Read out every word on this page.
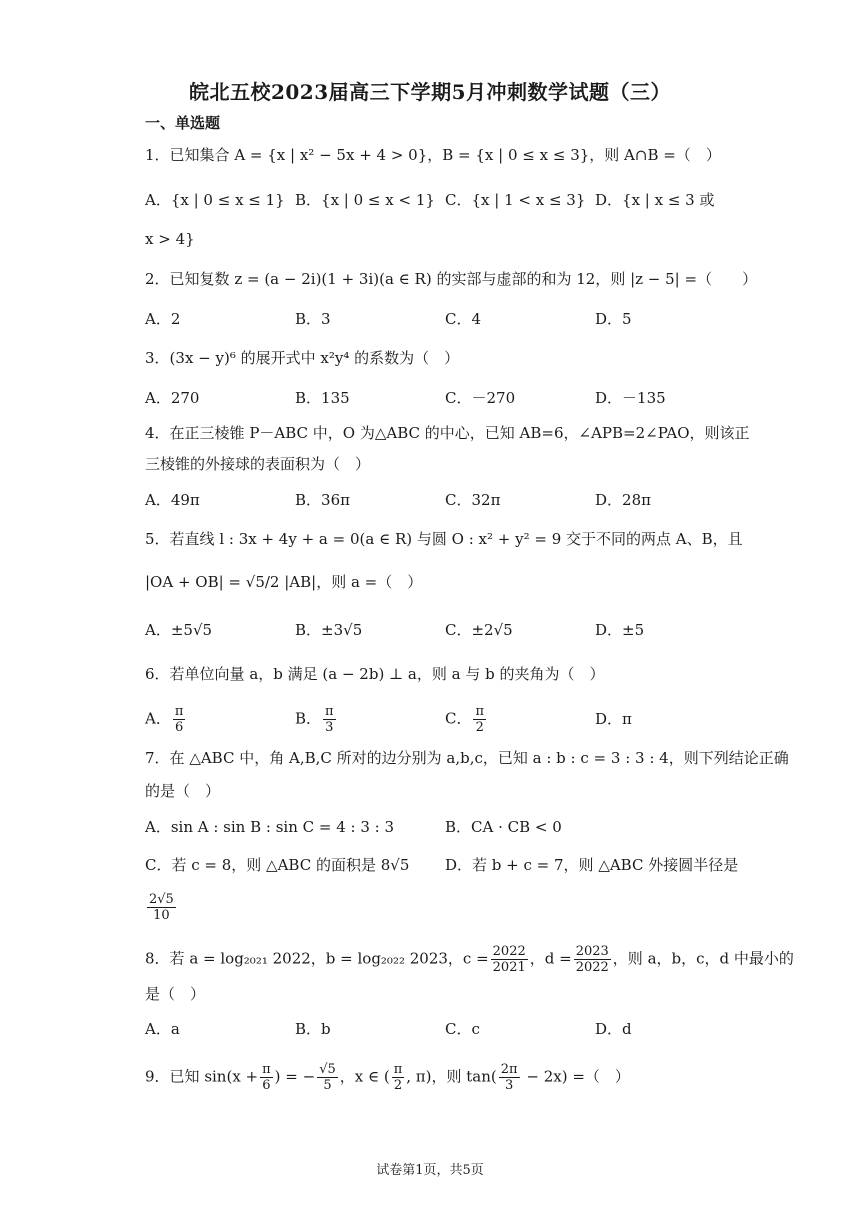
皖北五校2023届高三下学期5月冲刺数学试题（三）
一、单选题
1．已知集合 A = {x | x² − 5x + 4 > 0}，B = {x | 0 ≤ x ≤ 3}，则 A∩B =（　）
A．{x | 0 ≤ x ≤ 1} B．{x | 0 ≤ x < 1} C．{x | 1 < x ≤ 3} D．{x | x ≤ 3 或
x > 4}
2．已知复数 z = (a − 2i)(1 + 3i)(a ∈ R) 的实部与虚部的和为 12，则 |z − 5| =（　　）
A．2	B．3	C．4	D．5
3．(3x − y)⁶ 的展开式中 x²y⁴ 的系数为（　）
A．270	B．135	C．－270	D．－135
4．在正三棱锥 P－ABC 中，O 为△ABC 的中心，已知 AB=6，∠APB=2∠PAO，则该正
三棱锥的外接球的表面积为（　）
A．49π	B．36π	C．32π	D．28π
5．若直线 l : 3x + 4y + a = 0(a ∈ R) 与圆 O : x² + y² = 9 交于不同的两点 A、B，且
|OA + OB| = √5/2 |AB|，则 a =（　）
A．±5√5	B．±3√5	C．±2√5	D．±5
6．若单位向量 a，b 满足 (a − 2b) ⊥ a，则 a 与 b 的夹角为（　）
A． $\frac{\pi}{6}$	B． $\frac{\pi}{3}$	C． $\frac{\pi}{2}$	D．π
7．在 △ABC 中，角 A,B,C 所对的边分别为 a,b,c，已知 a : b : c = 3 : 3 : 4，则下列结论正确
的是（　）
A．sin A : sin B : sin C = 4 : 3 : 3	B．CA · CB < 0
C．若 c = 8，则 △ABC 的面积是 8√5 D．若 b + c = 7，则 △ABC 外接圆半径是
$\frac{2√5}{10}$
8．若 a = log₂₀₂₁ 2022，b = log₂₀₂₂ 2023，$c = \frac{2022}{2021}$ ，$d = \frac{2023}{2022}$ ，则 a，b，c，d 中最小的
是（　）
A．a	B．b	C．c	D．d
9．已知 $\sin(x + \frac{\pi}{6}$ ) = − $\frac{√5}{5}$ ，x ∈ ( $\frac{\pi}{2}$ , π)，则 $\tan( \frac{2\pi}{3} - 2x)$ =（　）
试卷第1页，共5页
